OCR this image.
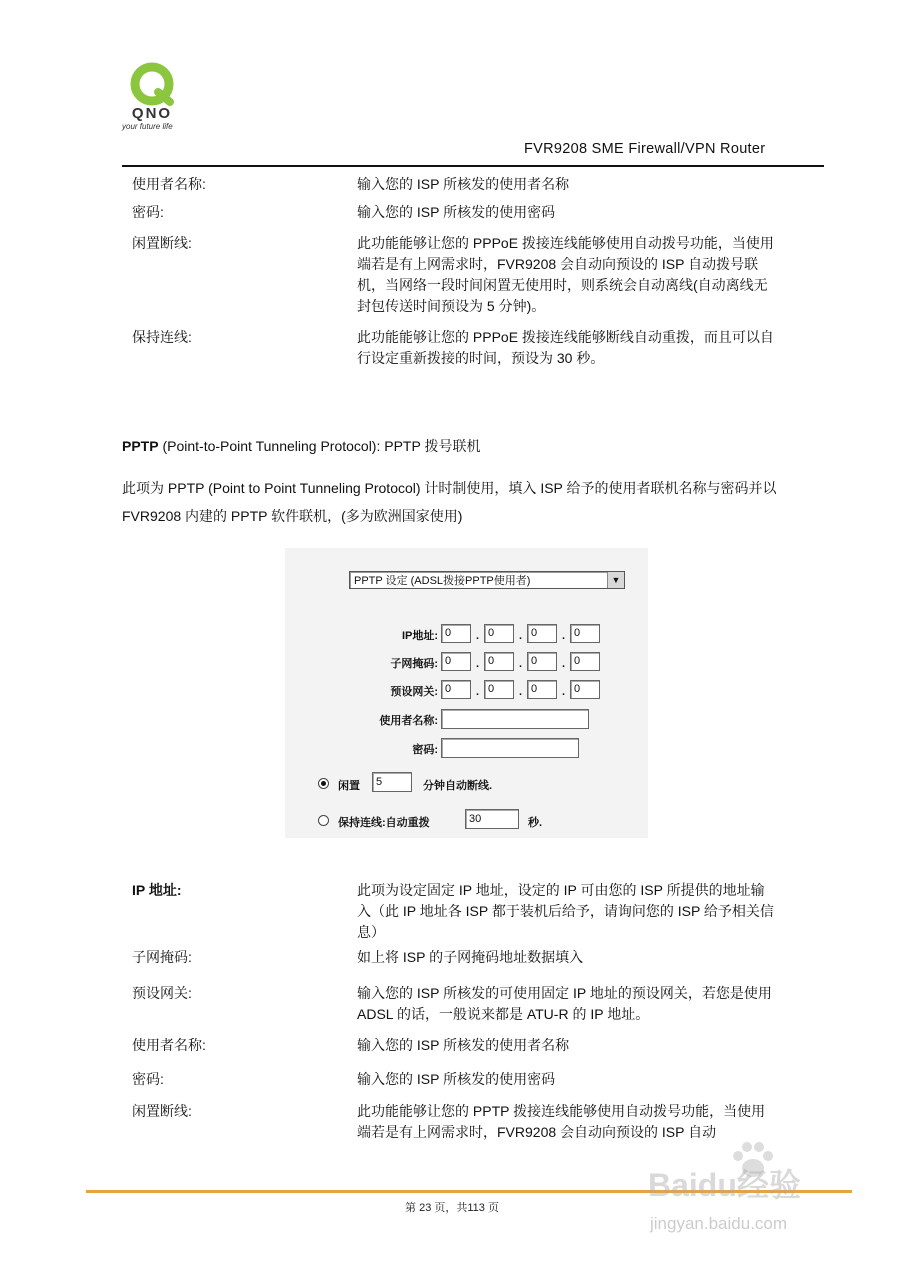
QNO
your future life
FVR9208 SME Firewall/VPN Router
使用者名称:	输入您的 ISP 所核发的使用者名称
密码:	输入您的 ISP 所核发的使用密码
闲置断线:	此功能能够让您的 PPPoE 拨接连线能够使用自动拨号功能，当使用端若是有上网需求时，FVR9208 会自动向预设的 ISP 自动拨号联机，当网络一段时间闲置无使用时，则系统会自动离线(自动离线无封包传送时间预设为 5 分钟)。
保持连线:	此功能能够让您的 PPPoE 拨接连线能够断线自动重拨，而且可以自行设定重新拨接的时间，预设为 30 秒。
PPTP (Point-to-Point Tunneling Protocol): PPTP 拨号联机
此项为 PPTP (Point to Point Tunneling Protocol) 计时制使用，填入 ISP 给予的使用者联机名称与密码并以
FVR9208 内建的 PPTP 软件联机，(多为欧洲国家使用)
PPTP 设定 (ADSL拨接PPTP使用者)	▼
IP地址: 0	. 0	. 0	. 0
子网掩码: 0	. 0	. 0	. 0
预设网关: 0	. 0	. 0	. 0
使用者名称:
密码:
闲置	5	分钟自动断线.
保持连线:自动重拨	30	秒.
IP 地址:	此项为设定固定 IP 地址，设定的 IP 可由您的 ISP 所提供的地址输入（此 IP 地址各 ISP 都于装机后给予，请询问您的 ISP 给予相关信息）
子网掩码:	如上将 ISP 的子网掩码地址数据填入
预设网关:	输入您的 ISP 所核发的可使用固定 IP 地址的预设网关，若您是使用 ADSL 的话，一般说来都是 ATU-R 的 IP 地址。
使用者名称:	输入您的 ISP 所核发的使用者名称
密码:	输入您的 ISP 所核发的使用密码
闲置断线:	此功能能够让您的 PPTP 拨接连线能够使用自动拨号功能，当使用端若是有上网需求时，FVR9208 会自动向预设的 ISP 自动
第 23 页，共113 页
Baidu经验
jingyan.baidu.com
